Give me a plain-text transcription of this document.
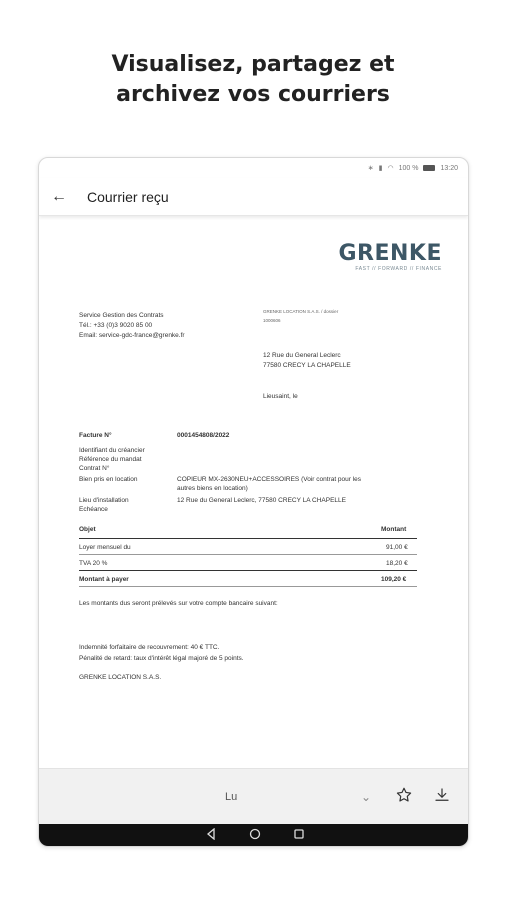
Visualisez, partagez et
archivez vos courriers
∗ ▮ ◠ 100 %	13:20
←	Courrier reçu
GRENKE
FAST // FORWARD // FINANCE
Service Gestion des Contrats
Tél.: +33 (0)3 9020 85 00
Email: service-gdc-france@grenke.fr
GRENKE LOCATION S.A.S. / dossier
1000606
12 Rue du General Leclerc
77580 CRECY LA CHAPELLE
Lieusaint, le
Facture N°	0001454808/2022
Identifiant du créancier
Référence du mandat
Contrat N°
Bien pris en location	COPIEUR MX-2630NEU+ACCESSOIRES (Voir contrat pour les
autres biens en location)
Lieu d'installation	12 Rue du General Leclerc, 77580 CRECY LA CHAPELLE
Echéance
Objet	Montant
Loyer mensuel du	91,00 €
TVA 20 %	18,20 €
Montant à payer	109,20 €
Les montants dus seront prélevés sur votre compte bancaire suivant:
Indemnité forfaitaire de recouvrement: 40 € TTC.
Pénalité de retard: taux d'intérêt légal majoré de 5 points.
GRENKE LOCATION S.A.S.
Lu	⌄
